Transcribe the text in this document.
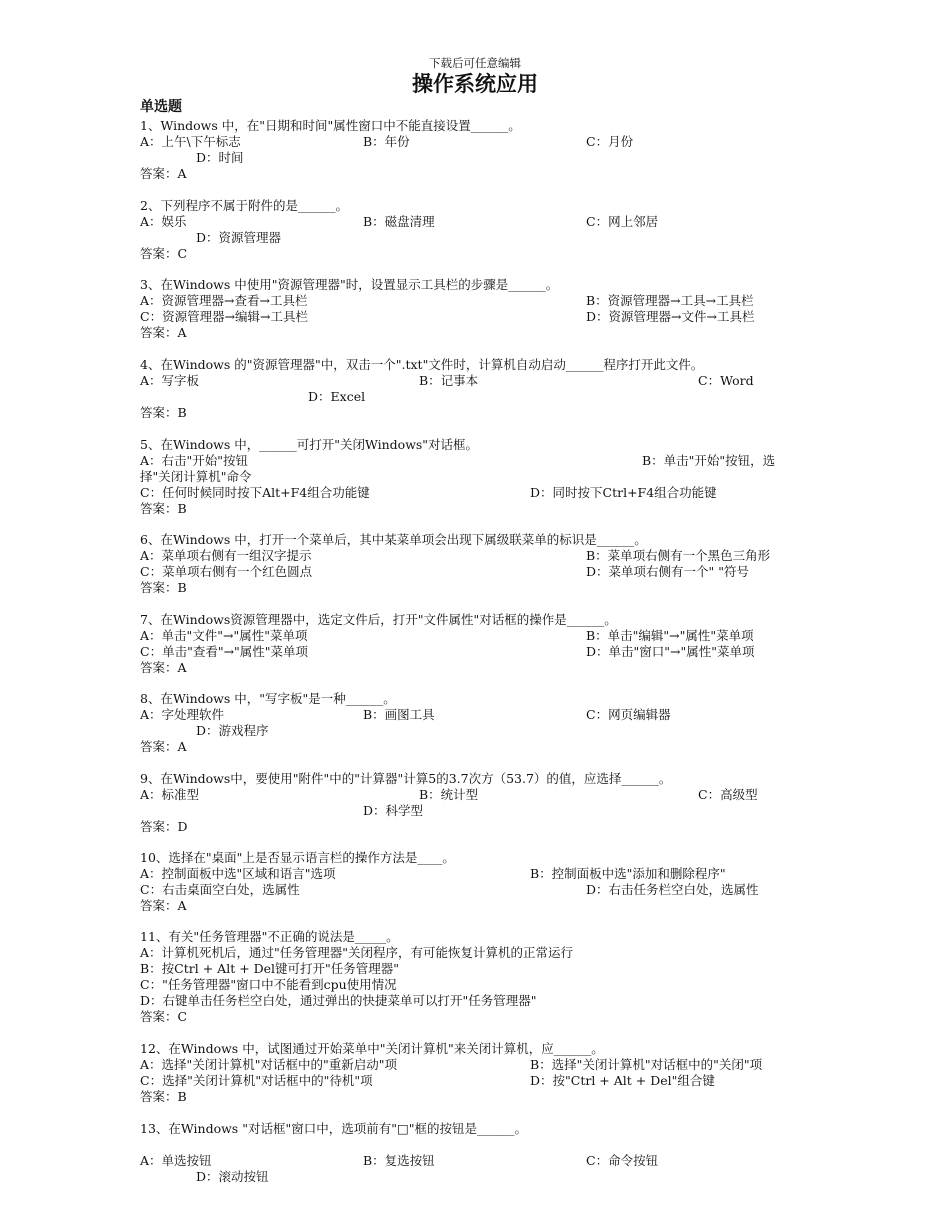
下载后可任意编辑
操作系统应用
单选题
1、Windows 中，在"日期和时间"属性窗口中不能直接设置______。
A：上午\下午标志	B：年份	C：月份
D：时间
答案：A
2、下列程序不属于附件的是______。
A：娱乐	B：磁盘清理	C：网上邻居
D：资源管理器
答案：C
3、在Windows 中使用"资源管理器"时，设置显示工具栏的步骤是______。
A：资源管理器→查看→工具栏	B：资源管理器→工具→工具栏
C：资源管理器→编辑→工具栏	D：资源管理器→文件→工具栏
答案：A
4、在Windows 的"资源管理器"中，双击一个".txt"文件时，计算机自动启动______程序打开此文件。
A：写字板	B：记事本	C：Word
D：Excel
答案：B
5、在Windows 中，______可打开"关闭Windows"对话框。
A：右击"开始"按钮	B：单击"开始"按钮，选
择"关闭计算机"命令
C：任何时候同时按下Alt+F4组合功能键	D：同时按下Ctrl+F4组合功能键
答案：B
6、在Windows 中，打开一个菜单后，其中某菜单项会出现下属级联菜单的标识是______。
A：菜单项右侧有一组汉字提示	B：菜单项右侧有一个黑色三角形
C：菜单项右侧有一个红色圆点	D：菜单项右侧有一个" "符号
答案：B
7、在Windows资源管理器中，选定文件后，打开"文件属性"对话框的操作是______。
A：单击"文件"→"属性"菜单项	B：单击"编辑"→"属性"菜单项
C：单击"查看"→"属性"菜单项	D：单击"窗口"→"属性"菜单项
答案：A
8、在Windows 中，"写字板"是一种______。
A：字处理软件	B：画图工具	C：网页编辑器
D：游戏程序
答案：A
9、在Windows中，要使用"附件"中的"计算器"计算5的3.7次方（53.7）的值，应选择______。
A：标准型	B：统计型	C：高级型
D：科学型
答案：D
10、选择在"桌面"上是否显示语言栏的操作方法是____。
A：控制面板中选"区域和语言"选项	B：控制面板中选"添加和删除程序"
C：右击桌面空白处，选属性	D：右击任务栏空白处，选属性
答案：A
11、有关"任务管理器"不正确的说法是_____。
A：计算机死机后，通过"任务管理器"关闭程序，有可能恢复计算机的正常运行
B：按Ctrl + Alt + Del键可打开"任务管理器"
C："任务管理器"窗口中不能看到cpu使用情况
D：右键单击任务栏空白处，通过弹出的快捷菜单可以打开"任务管理器"
答案：C
12、在Windows 中，试图通过开始菜单中"关闭计算机"来关闭计算机，应______。
A：选择"关闭计算机"对话框中的"重新启动"项	B：选择"关闭计算机"对话框中的"关闭"项
C：选择"关闭计算机"对话框中的"待机"项	D：按"Ctrl + Alt + Del"组合键
答案：B
13、在Windows "对话框"窗口中，选项前有"□"框的按钮是______。
A：单选按钮	B：复选按钮	C：命令按钮
D：滚动按钮
